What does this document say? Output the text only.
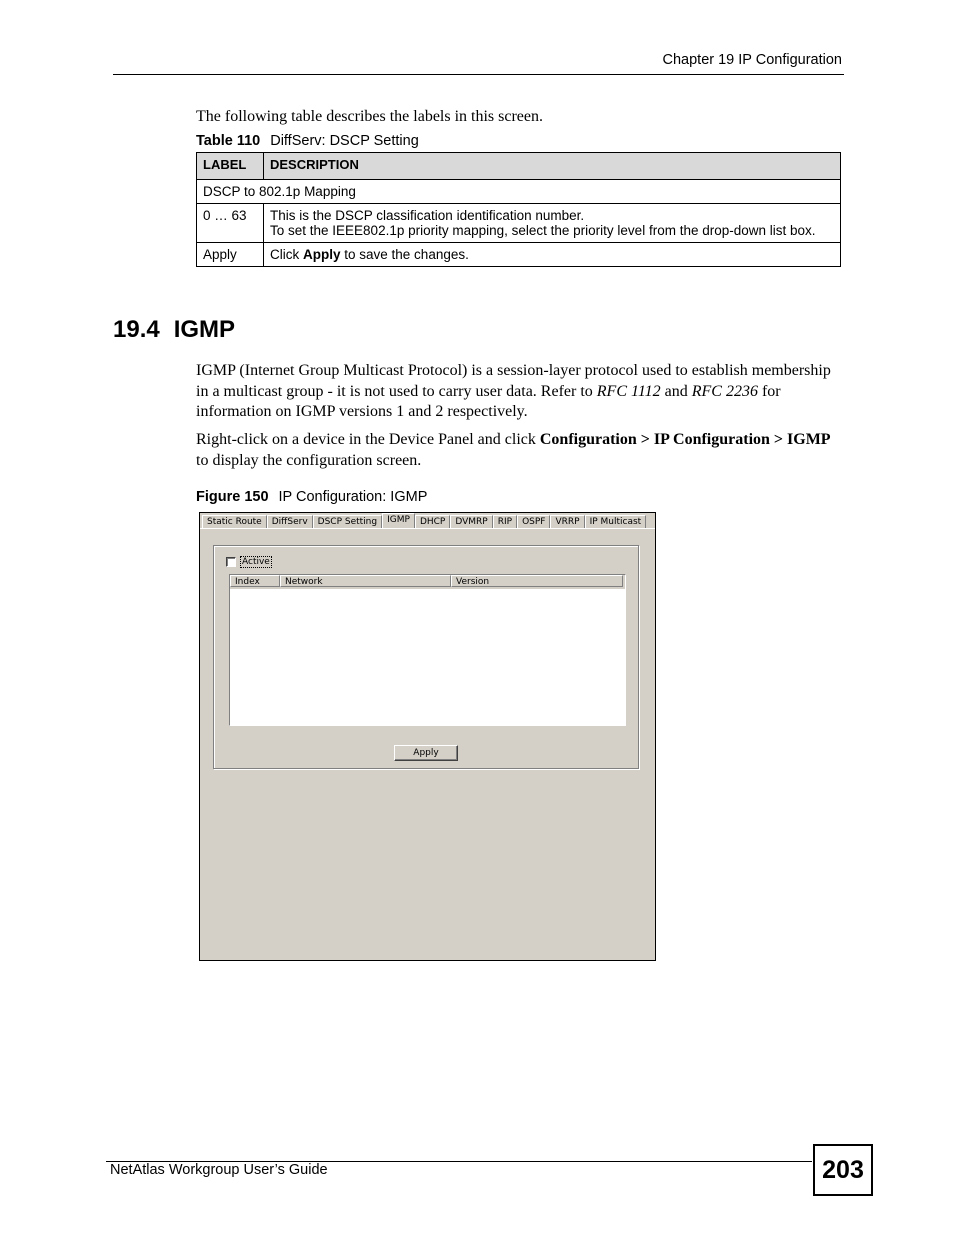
Chapter 19 IP Configuration
The following table describes the labels in this screen.
Table 110 DiffServ: DSCP Setting
LABEL	DESCRIPTION
DSCP to 802.1p Mapping	
0 … 63	This is the DSCP classification identification number.
To set the IEEE802.1p priority mapping, select the priority level from the drop-down list box.

Apply	Click Apply to save the changes.
19.4 IGMP
IGMP (Internet Group Multicast Protocol) is a session-layer protocol used to establish membership in a multicast group - it is not used to carry user data. Refer to RFC 1112 and RFC 2236 for information on IGMP versions 1 and 2 respectively.
Right-click on a device in the Device Panel and click Configuration > IP Configuration > IGMP to display the configuration screen.
Figure 150 IP Configuration: IGMP
Static Route	DiffServ	DSCP Setting	IGMP	DHCP	DVMRP	RIP	OSPF	VRRP	IP Multicast
Active
Index	Network	Version
Apply
NetAtlas Workgroup User’s Guide	203
